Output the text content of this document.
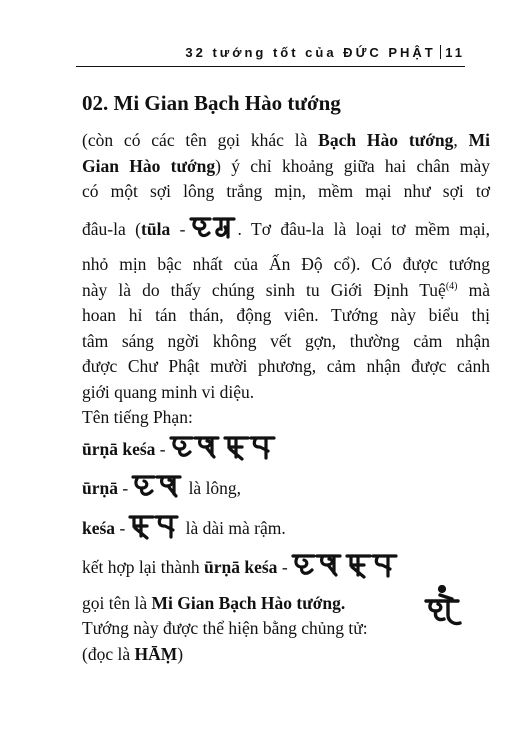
32 tướng tốt của ĐỨC PHẬT 11
02. Mi Gian Bạch Hào tướng

(còn có các tên gọi khác là Bạch Hào tướng, Mi
Gian Hào tướng) ý chỉ khoảng giữa hai chân mày
có một sợi lông trắng mịn, mềm mại như sợi tơ
đâu-la (tūla -	. Tơ đâu-la là loại tơ mềm mại,
nhỏ mịn bậc nhất của Ấn Độ cổ). Có được tướng
này là do thấy chúng sinh tu Giới Định Tuệ$^{(4)}$ mà
hoan hỉ tán thán, động viên. Tướng này biểu thị
tâm sáng ngời không vết gợn, thường cảm nhận
được Chư Phật mười phương, cảm nhận được cảnh
giới quang minh vi diệu.

Tên tiếng Phạn:
ūrṇā keśa -
ūrṇā -	là lông,
keśa -	là dài mà rậm.
kết hợp lại thành ūrṇā keśa -
gọi tên là Mi Gian Bạch Hào tướng.
Tướng này được thể hiện bằng chủng tử:
(đọc là HĀṂ)
